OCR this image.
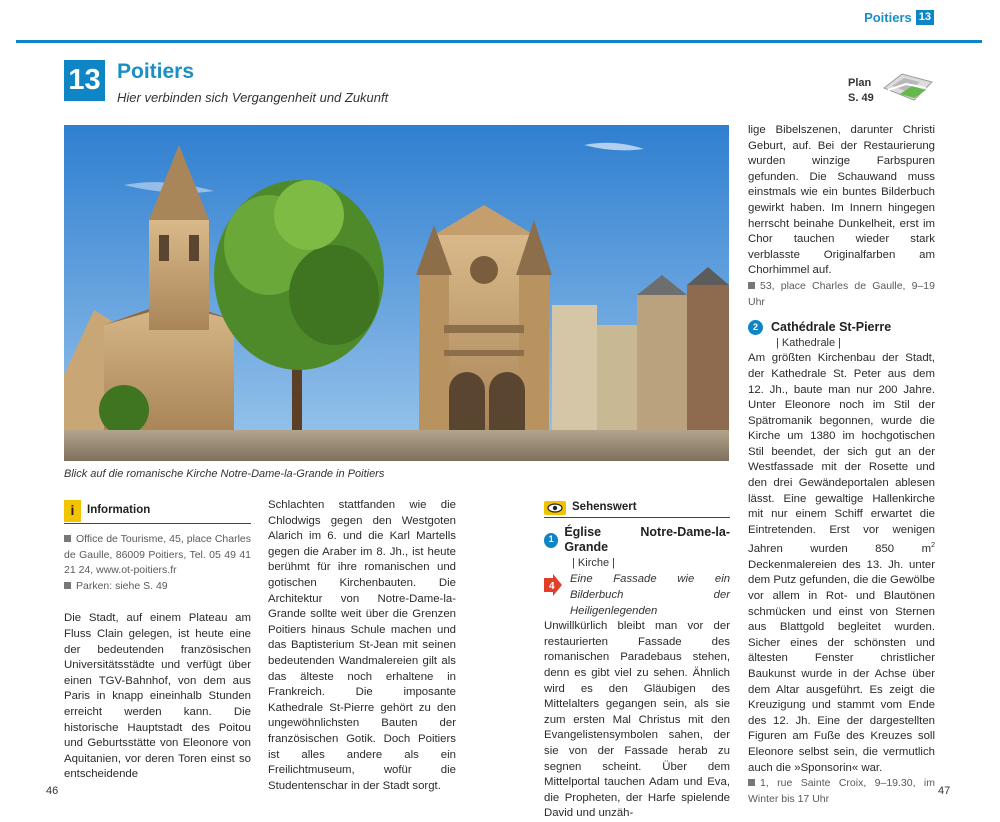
Poitiers 13
13 Poitiers
Hier verbinden sich Vergangenheit und Zukunft
Plan
S. 49
Blick auf die romanische Kirche Notre-Dame-la-Grande in Poitiers
i	Information
Office de Tourisme, 45, place Charles de Gaulle, 86009 Poitiers, Tel. 05 49 41 21 24, www.ot-poitiers.fr
Parken: siehe S. 49

Die Stadt, auf einem Plateau am Fluss Clain gelegen, ist heute eine der bedeutenden französischen Universitätsstädte und verfügt über einen TGV-Bahnhof, von dem aus Paris in knapp eineinhalb Stunden erreicht werden kann. Die historische Hauptstadt des Poitou und Geburtsstätte von Eleonore von Aquitanien, vor deren Toren einst so entscheidende

Schlachten stattfanden wie die Chlodwigs gegen den Westgoten Alarich im 6. und die Karl Martells gegen die Araber im 8. Jh., ist heute berühmt für ihre romanischen und gotischen Kirchenbauten. Die Architektur von Notre-Dame-la-Grande sollte weit über die Grenzen Poitiers hinaus Schule machen und das Baptisterium St-Jean mit seinen bedeutenden Wandmalereien gilt als das älteste noch erhaltene in Frankreich. Die imposante Kathedrale St-Pierre gehört zu den ungewöhnlichsten Bauten der französischen Gotik. Doch Poitiers ist alles andere als ein Freilichtmuseum, wofür die Studentenschar in der Stadt sorgt.

Sehenswert
1
Église Notre-Dame-la-Grande
| Kirche |
4
Eine Fassade wie ein Bilderbuch der Heiligenlegenden

Unwillkürlich bleibt man vor der restaurierten Fassade des romanischen Paradebaus stehen, denn es gibt viel zu sehen. Ähnlich wird es den Gläubigen des Mittelalters gegangen sein, als sie zum ersten Mal Christus mit den Evangelistensymbolen sahen, der sie von der Fassade herab zu segnen scheint. Über dem Mittelportal tauchen Adam und Eva, die Propheten, der Harfe spielende David und unzäh-

lige Bibelszenen, darunter Christi Geburt, auf. Bei der Restaurierung wurden winzige Farbspuren gefunden. Die Schauwand muss einstmals wie ein buntes Bilderbuch gewirkt haben. Im Innern hingegen herrscht beinahe Dunkelheit, erst im Chor tauchen wieder stark verblasste Originalfarben am Chorhimmel auf.

53, place Charles de Gaulle, 9–19 Uhr
2	Cathédrale St-Pierre
| Kathedrale |

Am größten Kirchenbau der Stadt, der Kathedrale St. Peter aus dem 12. Jh., baute man nur 200 Jahre. Unter Eleonore noch im Stil der Spätromanik begonnen, wurde die Kirche um 1380 im hochgotischen Stil beendet, der sich gut an der Westfassade mit der Rosette und den drei Gewändeportalen ablesen lässt. Eine gewaltige Hallenkirche mit nur einem Schiff erwartet die Eintretenden. Erst vor wenigen Jahren wurden 850 $m^2$ Deckenmalereien des 13. Jh. unter dem Putz gefunden, die die Gewölbe vor allem in Rot- und Blautönen schmücken und einst von Sternen aus Blattgold begleitet wurden. Sicher eines der schönsten und ältesten Fenster christlicher Baukunst wurde in der Achse über dem Altar ausgeführt. Es zeigt die Kreuzigung und stammt vom Ende des 12. Jh. Eine der dargestellten Figuren am Fuße des Kreuzes soll Eleonore selbst sein, die vermutlich auch die »Sponsorin« war.

1, rue Sainte Croix, 9–19.30, im Winter bis 17 Uhr
46	47
